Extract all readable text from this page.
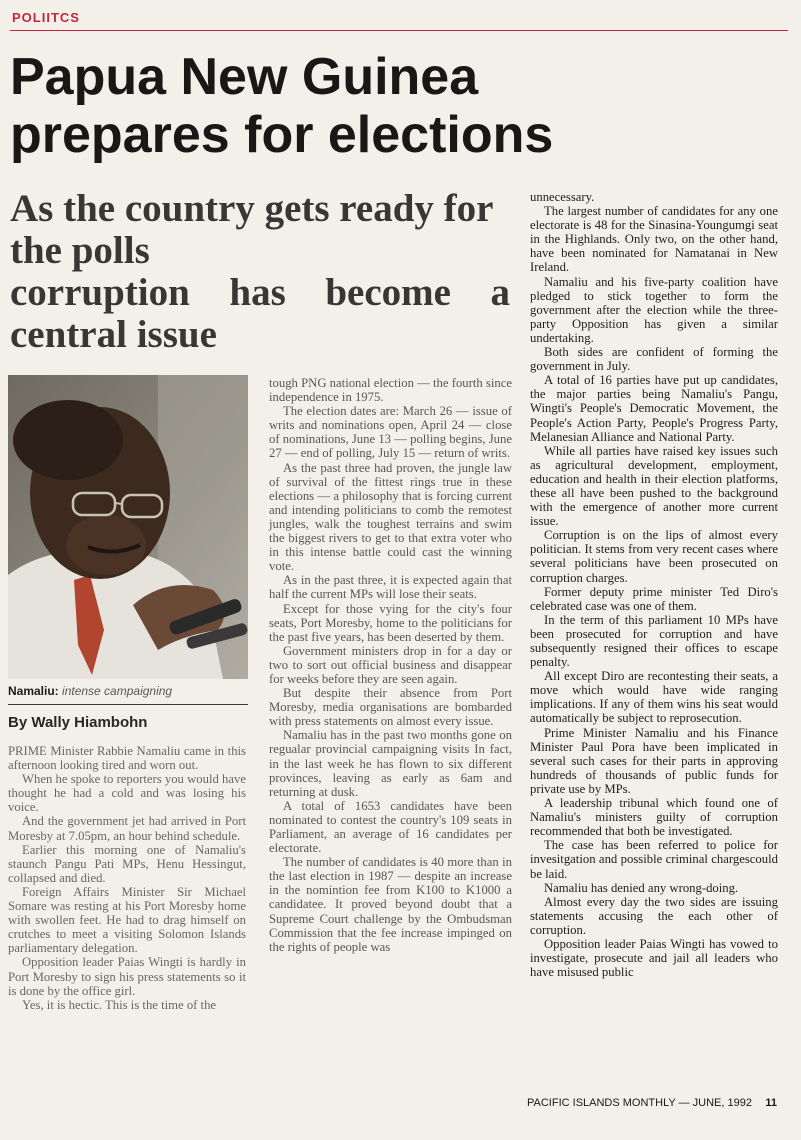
POLIITCS
Papua New Guinea
prepares for elections
As the country gets ready for
the polls
corruption has become a
central issue
Namaliu: intense campaigning
By Wally Hiambohn

PRIME Minister Rabbie Namaliu came in this afternoon looking tired and worn out.

When he spoke to reporters you would have thought he had a cold and was losing his voice.

And the government jet had arrived in Port Moresby at 7.05pm, an hour behind schedule.

Earlier this morning one of Namaliu's staunch Pangu Pati MPs, Henu Hessingut, collapsed and died.

Foreign Affairs Minister Sir Michael Somare was resting at his Port Moresby home with swollen feet. He had to drag himself on crutches to meet a visiting Solomon Islands parliamentary delegation.

Opposition leader Paias Wingti is hardly in Port Moresby to sign his press statements so it is done by the office girl.

Yes, it is hectic. This is the time of the

tough PNG national election — the fourth since independence in 1975.

The election dates are: March 26 — issue of writs and nominations open, April 24 — close of nominations, June 13 — polling begins, June 27 — end of polling, July 15 — return of writs.

As the past three had proven, the jungle law of survival of the fittest rings true in these elections — a philosophy that is forcing current and intending politicians to comb the remotest jungles, walk the toughest terrains and swim the biggest rivers to get to that extra voter who in this intense battle could cast the winning vote.

As in the past three, it is expected again that half the current MPs will lose their seats.

Except for those vying for the city's four seats, Port Moresby, home to the politicians for the past five years, has been deserted by them.

Government ministers drop in for a day or two to sort out official business and disappear for weeks before they are seen again.

But despite their absence from Port Moresby, media organisations are bombarded with press statements on almost every issue.

Namaliu has in the past two months gone on regualar provincial campaigning visits In fact, in the last week he has flown to six different provinces, leaving as early as 6am and returning at dusk.

A total of 1653 candidates have been nominated to contest the country's 109 seats in Parliament, an average of 16 candidates per electorate.

The number of candidates is 40 more than in the last election in 1987 — despite an increase in the nomintion fee from K100 to K1000 a candidatee. It proved beyond doubt that a Supreme Court challenge by the Ombudsman Commission that the fee increase impinged on the rights of people was

unnecessary.

The largest number of candidates for any one electorate is 48 for the Sinasina-Youngumgi seat in the Highlands. Only two, on the other hand, have been nominated for Namatanai in New Ireland.

Namaliu and his five-party coalition have pledged to stick together to form the government after the election while the three-party Opposition has given a similar undertaking.

Both sides are confident of forming the government in July.

A total of 16 parties have put up candidates, the major parties being Namaliu's Pangu, Wingti's People's Democratic Movement, the People's Action Party, People's Progress Party, Melanesian Alliance and National Party.

While all parties have raised key issues such as agricultural development, employment, education and health in their election platforms, these all have been pushed to the background with the emergence of another more current issue.

Corruption is on the lips of almost every politician. It stems from very recent cases where several politicians have been prosecuted on corruption charges.

Former deputy prime minister Ted Diro's celebrated case was one of them.

In the term of this parliament 10 MPs have been prosecuted for corruption and have subsequently resigned their offices to escape penalty.

All except Diro are recontesting their seats, a move which would have wide ranging implications. If any of them wins his seat would automatically be subject to reprosecution.

Prime Minister Namaliu and his Finance Minister Paul Pora have been implicated in several such cases for their parts in approving hundreds of thousands of public funds for private use by MPs.

A leadership tribunal which found one of Namaliu's ministers guilty of corruption recommended that both be investigated.

The case has been referred to police for invesitgation and possible criminal chargescould be laid.

Namaliu has denied any wrong-doing.

Almost every day the two sides are issuing statements accusing the each other of corruption.

Opposition leader Paias Wingti has vowed to investigate, prosecute and jail all leaders who have misused public

PACIFIC ISLANDS MONTHLY — JUNE, 1992 11
